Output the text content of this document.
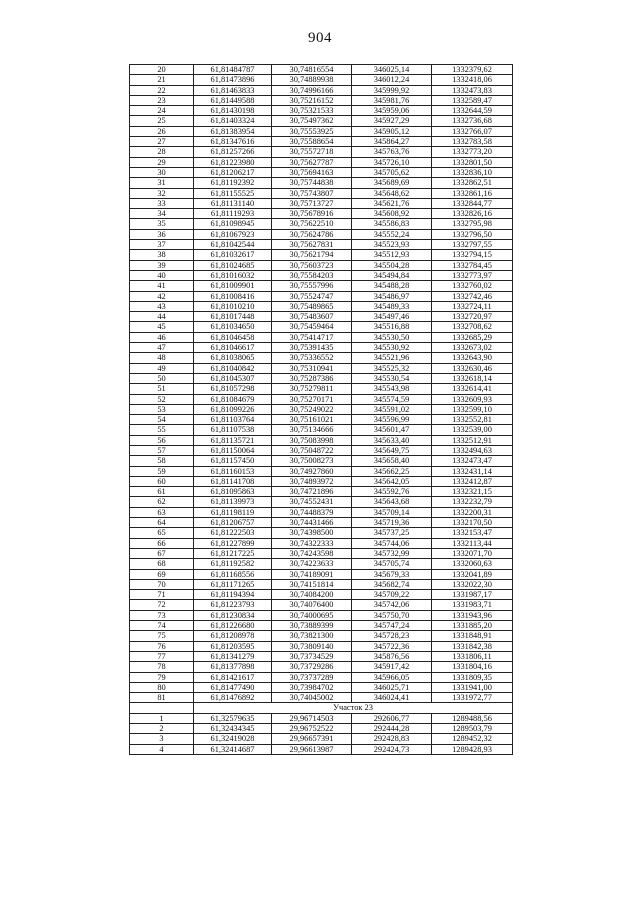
904
20	61,81484787	30,74816554	346025,14	1332379,62
21	61,81473896	30,74889938	346012,24	1332418,06
22	61,81463833	30,74996166	345999,92	1332473,83
23	61,81449588	30,75216152	345981,76	1332589,47
24	61,81430198	30,75321533	345959,06	1332644,59
25	61,81403324	30,75497362	345927,29	1332736,68
26	61,81383954	30,75553925	345905,12	1332766,07
27	61,81347616	30,75588654	345864,27	1332783,58
28	61,81257266	30,75572718	345763,76	1332773,20
29	61,81223980	30,75627787	345726,10	1332801,50
30	61,81206217	30,75694163	345705,62	1332836,10
31	61,81192392	30,75744838	345689,69	1332862,51
32	61,81155525	30,75743807	345648,62	1332861,16
33	61,81131140	30,75713727	345621,76	1332844,77
34	61,81119293	30,75678916	345608,92	1332826,16
35	61,81098945	30,75622510	345586,83	1332795,98
36	61,81067923	30,75624786	345552,24	1332796,50
37	61,81042544	30,75627831	345523,93	1332797,55
38	61,81032617	30,75621794	345512,93	1332794,15
39	61,81024685	30,75603723	345504,28	1332784,45
40	61,81016032	30,75584203	345494,84	1332773,97
41	61,81009901	30,75557996	345488,28	1332760,02
42	61,81008416	30,75524747	345486,97	1332742,46
43	61,81010210	30,75489865	345489,33	1332724,11
44	61,81017448	30,75483607	345497,46	1332720,97
45	61,81034650	30,75459464	345516,88	1332708,62
46	61,81046458	30,75414717	345530,50	1332685,29
47	61,81046617	30,75391435	345530,92	1332673,02
48	61,81038065	30,75336552	345521,96	1332643,90
49	61,81040842	30,75310941	345525,32	1332630,46
50	61,81045307	30,75287386	345530,54	1332618,14
51	61,81057298	30,75279811	345543,98	1332614,41
52	61,81084679	30,75270171	345574,59	1332609,93
53	61,81099226	30,75249022	345591,02	1332599,10
54	61,81103764	30,75161021	345596,99	1332552,81
55	61,81107538	30,75134666	345601,47	1332539,00
56	61,81135721	30,75083998	345633,40	1332512,91
57	61,81150064	30,75048722	345649,75	1332494,63
58	61,81157450	30,75008273	345658,40	1332473,47
59	61,81160153	30,74927860	345662,25	1332431,14
60	61,81141708	30,74893972	345642,05	1332412,87
61	61,81095863	30,74721896	345592,76	1332321,15
62	61,81139973	30,74552431	345643,68	1332232,79
63	61,81198119	30,74488379	345709,14	1332200,31
64	61,81206757	30,74431466	345719,36	1332170,50
65	61,81222503	30,74398500	345737,25	1332153,47
66	61,81227899	30,74322333	345744,06	1332113,44
67	61,81217225	30,74243598	345732,99	1332071,70
68	61,81192582	30,74223633	345705,74	1332060,63
69	61,81168556	30,74189091	345679,33	1332041,89
70	61,81171265	30,74151814	345682,74	1332022,30
71	61,81194394	30,74084200	345709,22	1331987,17
72	61,81223793	30,74076400	345742,06	1331983,71
73	61,81230834	30,74000695	345750,70	1331943,96
74	61,81226680	30,73889399	345747,24	1331885,20
75	61,81208978	30,73821300	345728,23	1331848,91
76	61,81203595	30,73809140	345722,36	1331842,38
77	61,81341279	30,73734529	345876,56	1331806,11
78	61,81377898	30,73729286	345917,42	1331804,16
79	61,81421617	30,73737289	345966,05	1331809,35
80	61,81477490	30,73984702	346025,71	1331941,00
81	61,81476892	30,74045002	346024,41	1331972,77
	Участок 23			
1	61,32579635	29,96714503	292606,77	1289488,56
2	61,32434345	29,96752522	292444,28	1289503,79
3	61,32419028	29,96657391	292428,83	1289452,32
4	61,32414687	29,96613987	292424,73	1289428,93
